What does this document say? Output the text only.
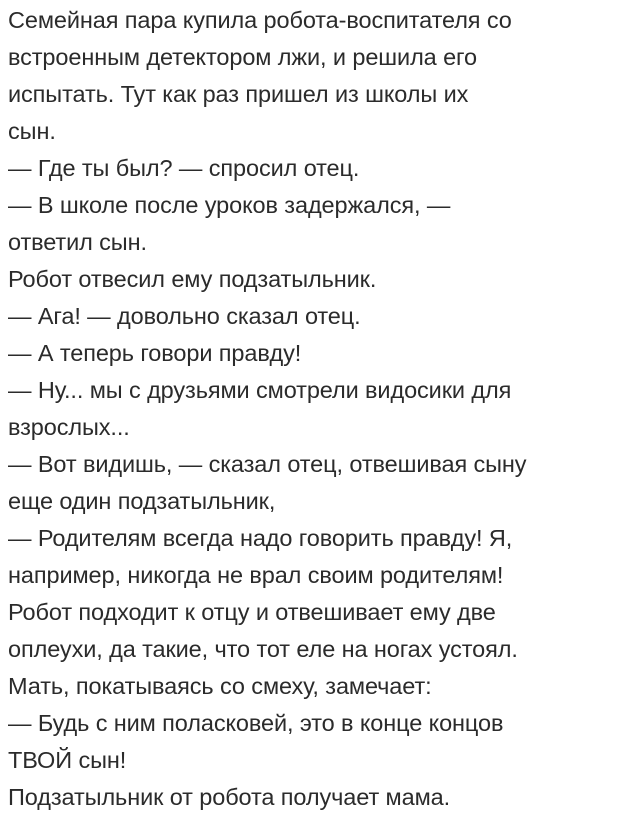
Семейная пара купила робота-воспитателя со
встроенным детектором лжи, и решила его
испытать. Тут как раз пришел из школы их
сын.
— Где ты был? — спросил отец.
— В школе после уроков задержался, —
ответил сын.
Робот отвесил ему подзатыльник.
— Ага! — довольно сказал отец.
— А теперь говори правду!
— Ну... мы с друзьями смотрели видосики для
взрослых...
— Вот видишь, — сказал отец, отвешивая сыну
еще один подзатыльник,
— Родителям всегда надо говорить правду! Я,
например, никогда не врал своим родителям!
Робот подходит к отцу и отвешивает ему две
оплеухи, да такие, что тот еле на ногах устоял.
Мать, покатываясь со смеху, замечает:
— Будь с ним поласковей, это в конце концов
ТВОЙ сын!
Подзатыльник от робота получает мама.
